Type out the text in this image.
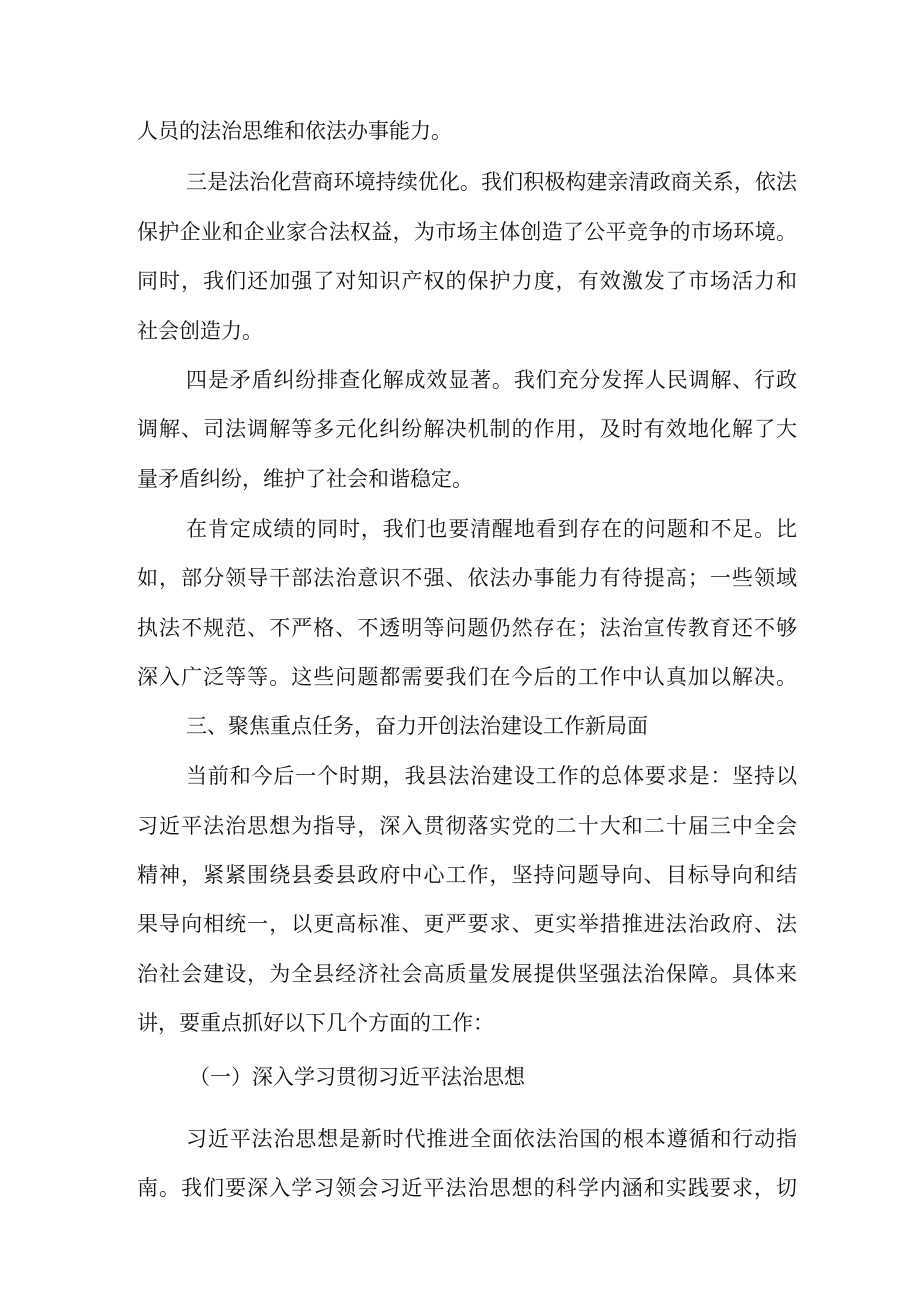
人员的法治思维和依法办事能力。

三是法治化营商环境持续优化。我们积极构建亲清政商关系，依法

保护企业和企业家合法权益，为市场主体创造了公平竞争的市场环境。

同时，我们还加强了对知识产权的保护力度，有效激发了市场活力和

社会创造力。

四是矛盾纠纷排查化解成效显著。我们充分发挥人民调解、行政

调解、司法调解等多元化纠纷解决机制的作用，及时有效地化解了大

量矛盾纠纷，维护了社会和谐稳定。

在肯定成绩的同时，我们也要清醒地看到存在的问题和不足。比

如，部分领导干部法治意识不强、依法办事能力有待提高；一些领域

执法不规范、不严格、不透明等问题仍然存在；法治宣传教育还不够

深入广泛等等。这些问题都需要我们在今后的工作中认真加以解决。

三、聚焦重点任务，奋力开创法治建设工作新局面

当前和今后一个时期，我县法治建设工作的总体要求是：坚持以

习近平法治思想为指导，深入贯彻落实党的二十大和二十届三中全会

精神，紧紧围绕县委县政府中心工作，坚持问题导向、目标导向和结

果导向相统一，以更高标准、更严要求、更实举措推进法治政府、法

治社会建设，为全县经济社会高质量发展提供坚强法治保障。具体来

讲，要重点抓好以下几个方面的工作：

（一）深入学习贯彻习近平法治思想

习近平法治思想是新时代推进全面依法治国的根本遵循和行动指

南。我们要深入学习领会习近平法治思想的科学内涵和实践要求，切
